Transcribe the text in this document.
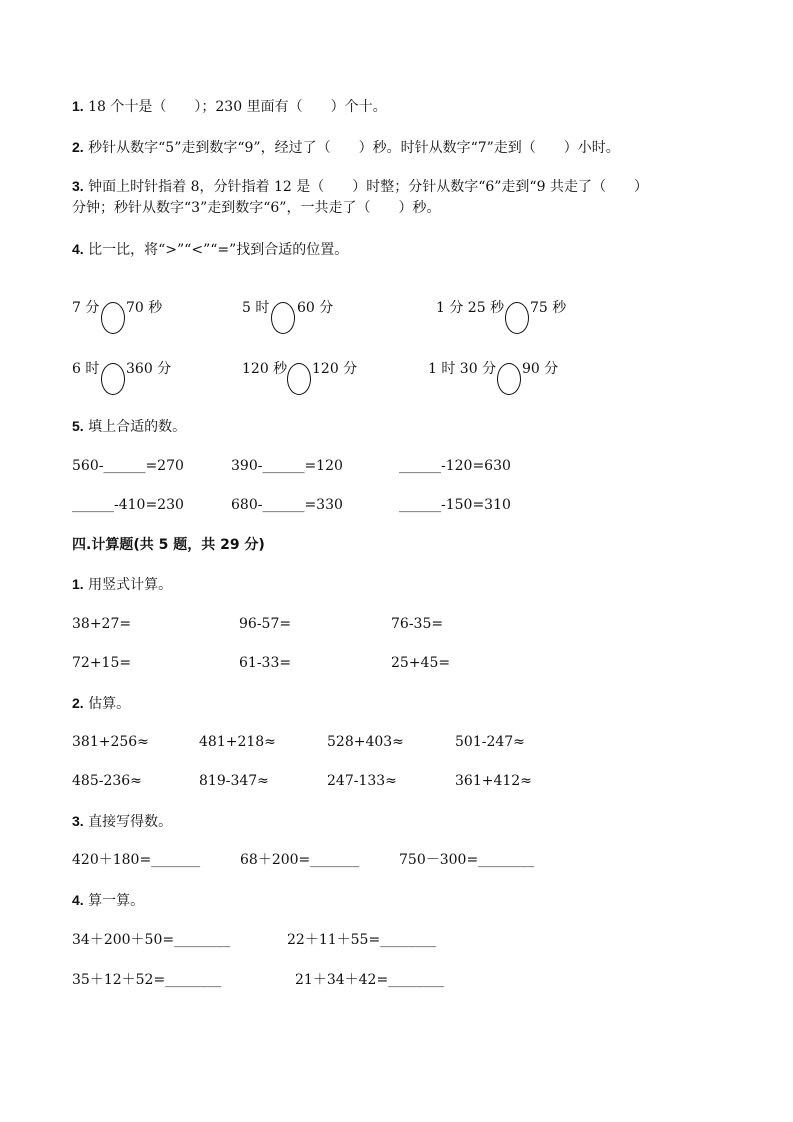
1. 18 个十是（　　）；230 里面有（　　）个十。
2. 秒针从数字“5”走到数字“9”，经过了（　　）秒。时针从数字“7”走到（　　）小时。
3. 钟面上时针指着 8，分针指着 12 是（　　）时整；分针从数字“6”走到“9 共走了（　　）
分钟；秒针从数字“3”走到数字“6”，一共走了（　　）秒。
4. 比一比，将“>”“<”“=”找到合适的位置。
7 分 70 秒	5 时 60 分	1 分 25 秒 75 秒
6 时 360 分	120 秒 120 分	1 时 30 分 90 分
5. 填上合适的数。
560-______=270	390-______=120	______-120=630
______-410=230	680-______=330	______-150=310
四.计算题(共 5 题，共 29 分)
1. 用竖式计算。
38+27=	96-57=	76-35=
72+15=	61-33=	25+45=
2. 估算。
381+256≈	481+218≈	528+403≈	501-247≈
485-236≈	819-347≈	247-133≈	361+412≈
3. 直接写得数。
420＋180=_______	68＋200=_______	750－300=________
4. 算一算。
34＋200＋50=________	22＋11＋55=________
35＋12＋52=________	21＋34＋42=________
